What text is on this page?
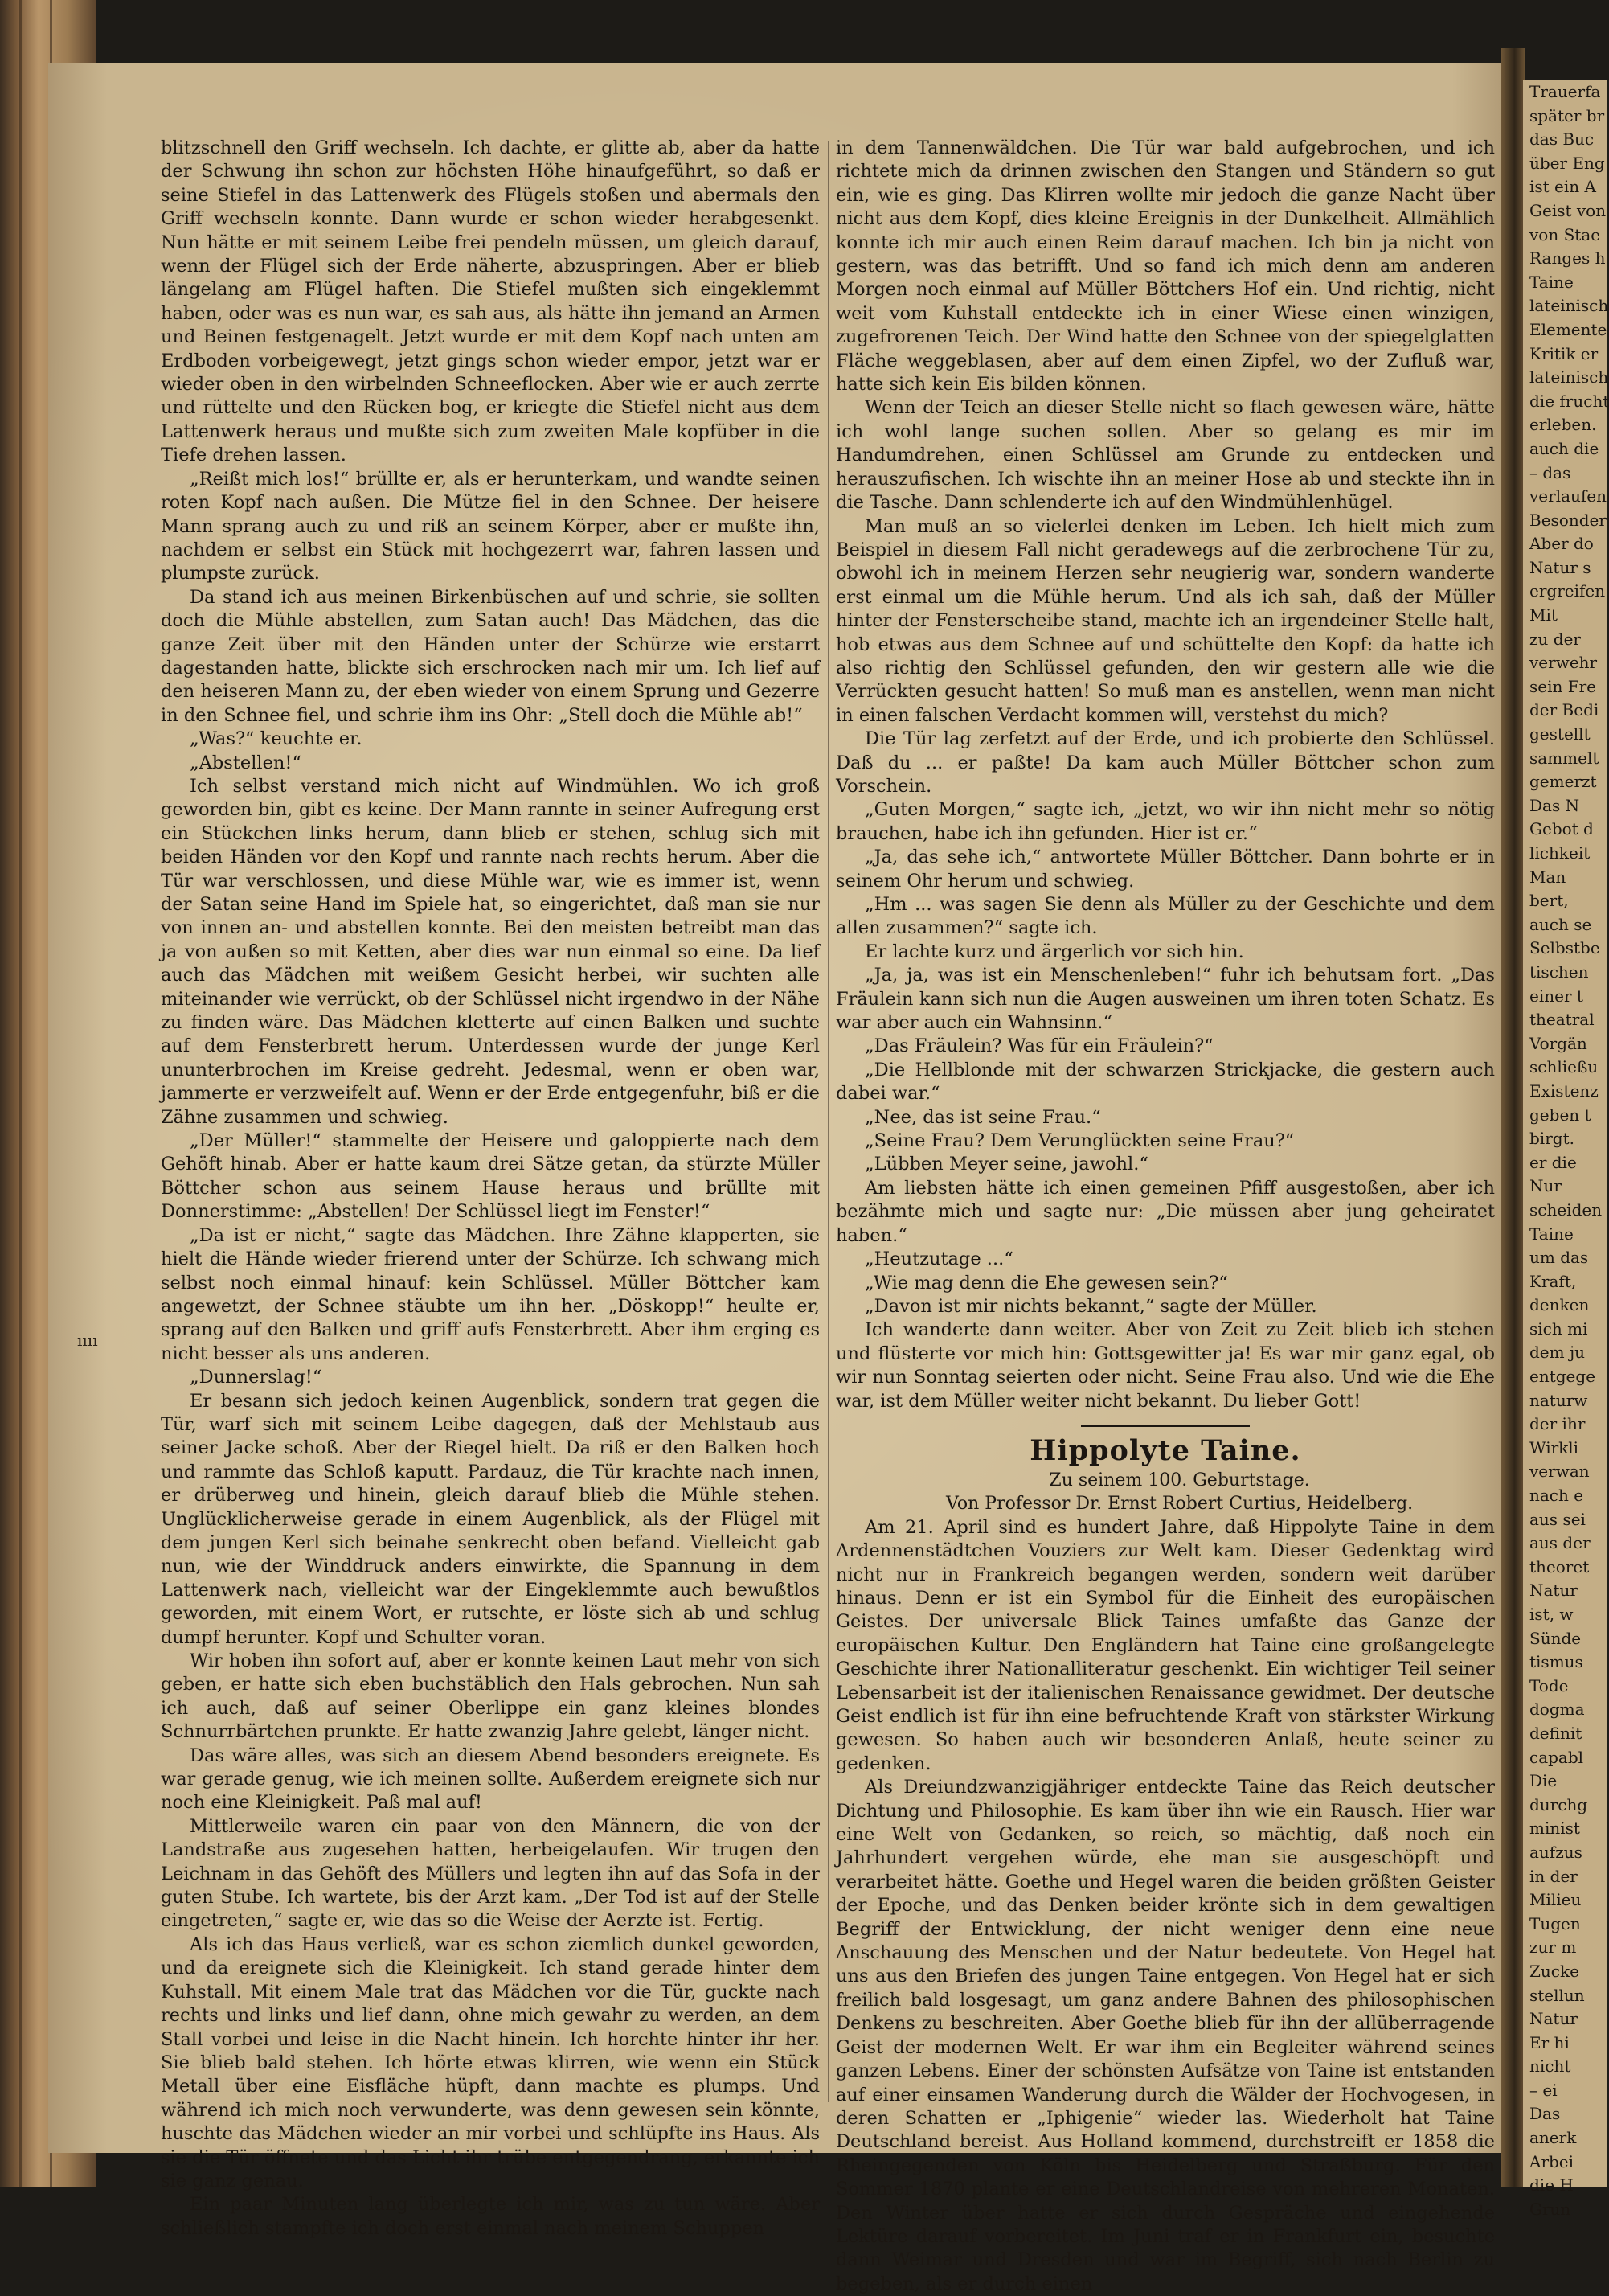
Trauerfa
später br
das Buc
über Eng
ist ein A
Geist von
von Stae
Ranges h
Taine
lateinisch
Elemente
Kritik er
lateinisch
die frucht
erleben.
auch die
– das
verlaufen
Besonder
Aber do
Natur s
ergreifen
Mit
zu der
verwehr
sein Fre
der Bedi
gestellt
sammelt
gemerzt
Das N
Gebot d
lichkeit
Man
bert,
auch se
Selbstbe
tischen
einer t
theatral
Vorgän
schließu
Existenz
geben t
birgt.
er die
Nur
scheiden
Taine
um das
Kraft,
denken
sich mi
dem ju
entgege
naturw
der ihr
Wirkli
verwan
nach e
aus sei
aus der
theoret
Natur
ist, w
Sünde
tismus
Tode
dogma
definit
capabl
Die
durchg
minist
aufzus
in der
Milieu
Tugen
zur m
Zucke
stellun
Natur
Er hi
nicht
– ei
Das
anerk
Arbei
die H
Grun
ıııı

blitzschnell den Griff wechseln. Ich dachte, er glitte ab, aber da hatte der Schwung ihn schon zur höchsten Höhe hinaufgeführt, so daß er seine Stiefel in das Lattenwerk des Flügels stoßen und abermals den Griff wechseln konnte. Dann wurde er schon wieder herabgesenkt. Nun hätte er mit seinem Leibe frei pendeln müssen, um gleich darauf, wenn der Flügel sich der Erde näherte, abzuspringen. Aber er blieb längelang am Flügel haften. Die Stiefel mußten sich eingeklemmt haben, oder was es nun war, es sah aus, als hätte ihn jemand an Armen und Beinen festgenagelt. Jetzt wurde er mit dem Kopf nach unten am Erdboden vorbeigewegt, jetzt gings schon wieder empor, jetzt war er wieder oben in den wirbelnden Schneeflocken. Aber wie er auch zerrte und rüttelte und den Rücken bog, er kriegte die Stiefel nicht aus dem Lattenwerk heraus und mußte sich zum zweiten Male kopfüber in die Tiefe drehen lassen.

„Reißt mich los!“ brüllte er, als er herunterkam, und wandte seinen roten Kopf nach außen. Die Mütze fiel in den Schnee. Der heisere Mann sprang auch zu und riß an seinem Körper, aber er mußte ihn, nachdem er selbst ein Stück mit hochgezerrt war, fahren lassen und plumpste zurück.

Da stand ich aus meinen Birkenbüschen auf und schrie, sie sollten doch die Mühle abstellen, zum Satan auch! Das Mädchen, das die ganze Zeit über mit den Händen unter der Schürze wie erstarrt dagestanden hatte, blickte sich erschrocken nach mir um. Ich lief auf den heiseren Mann zu, der eben wieder von einem Sprung und Gezerre in den Schnee fiel, und schrie ihm ins Ohr: „Stell doch die Mühle ab!“

„Was?“ keuchte er.

„Abstellen!“

Ich selbst verstand mich nicht auf Windmühlen. Wo ich groß geworden bin, gibt es keine. Der Mann rannte in seiner Aufregung erst ein Stückchen links herum, dann blieb er stehen, schlug sich mit beiden Händen vor den Kopf und rannte nach rechts herum. Aber die Tür war verschlossen, und diese Mühle war, wie es immer ist, wenn der Satan seine Hand im Spiele hat, so eingerichtet, daß man sie nur von innen an- und abstellen konnte. Bei den meisten betreibt man das ja von außen so mit Ketten, aber dies war nun einmal so eine. Da lief auch das Mädchen mit weißem Gesicht herbei, wir suchten alle miteinander wie verrückt, ob der Schlüssel nicht irgendwo in der Nähe zu finden wäre. Das Mädchen kletterte auf einen Balken und suchte auf dem Fensterbrett herum. Unterdessen wurde der junge Kerl ununterbrochen im Kreise gedreht. Jedesmal, wenn er oben war, jammerte er verzweifelt auf. Wenn er der Erde entgegenfuhr, biß er die Zähne zusammen und schwieg.

„Der Müller!“ stammelte der Heisere und galoppierte nach dem Gehöft hinab. Aber er hatte kaum drei Sätze getan, da stürzte Müller Böttcher schon aus seinem Hause heraus und brüllte mit Donnerstimme: „Abstellen! Der Schlüssel liegt im Fenster!“

„Da ist er nicht,“ sagte das Mädchen. Ihre Zähne klapperten, sie hielt die Hände wieder frierend unter der Schürze. Ich schwang mich selbst noch einmal hinauf: kein Schlüssel. Müller Böttcher kam angewetzt, der Schnee stäubte um ihn her. „Döskopp!“ heulte er, sprang auf den Balken und griff aufs Fensterbrett. Aber ihm erging es nicht besser als uns anderen.

„Dunnerslag!“

Er besann sich jedoch keinen Augenblick, sondern trat gegen die Tür, warf sich mit seinem Leibe dagegen, daß der Mehlstaub aus seiner Jacke schoß. Aber der Riegel hielt. Da riß er den Balken hoch und rammte das Schloß kaputt. Pardauz, die Tür krachte nach innen, er drüberweg und hinein, gleich darauf blieb die Mühle stehen. Unglücklicherweise gerade in einem Augenblick, als der Flügel mit dem jungen Kerl sich beinahe senkrecht oben befand. Vielleicht gab nun, wie der Winddruck anders einwirkte, die Spannung in dem Lattenwerk nach, vielleicht war der Eingeklemmte auch bewußtlos geworden, mit einem Wort, er rutschte, er löste sich ab und schlug dumpf herunter. Kopf und Schulter voran.

Wir hoben ihn sofort auf, aber er konnte keinen Laut mehr von sich geben, er hatte sich eben buchstäblich den Hals gebrochen. Nun sah ich auch, daß auf seiner Oberlippe ein ganz kleines blondes Schnurrbärtchen prunkte. Er hatte zwanzig Jahre gelebt, länger nicht.

Das wäre alles, was sich an diesem Abend besonders ereignete. Es war gerade genug, wie ich meinen sollte. Außerdem ereignete sich nur noch eine Kleinigkeit. Paß mal auf!

Mittlerweile waren ein paar von den Männern, die von der Landstraße aus zugesehen hatten, herbeigelaufen. Wir trugen den Leichnam in das Gehöft des Müllers und legten ihn auf das Sofa in der guten Stube. Ich wartete, bis der Arzt kam. „Der Tod ist auf der Stelle eingetreten,“ sagte er, wie das so die Weise der Aerzte ist. Fertig.

Als ich das Haus verließ, war es schon ziemlich dunkel geworden, und da ereignete sich die Kleinigkeit. Ich stand gerade hinter dem Kuhstall. Mit einem Male trat das Mädchen vor die Tür, guckte nach rechts und links und lief dann, ohne mich gewahr zu werden, an dem Stall vorbei und leise in die Nacht hinein. Ich horchte hinter ihr her. Sie blieb bald stehen. Ich hörte etwas klirren, wie wenn ein Stück Metall über eine Eisfläche hüpft, dann machte es plumps. Und während ich mich noch verwunderte, was denn gewesen sein könnte, huschte das Mädchen wieder an mir vorbei und schlüpfte ins Haus. Als sie die Tür öffnete und das Licht ihr trübe entgegendrang, erkannte ich sie ganz genau.

Ein paar Minuten lang überlegte ich mir, was zu tun wäre. Aber schließlich stampfte ich doch erst einmal nach meinem Schuppen

in dem Tannenwäldchen. Die Tür war bald aufgebrochen, und ich richtete mich da drinnen zwischen den Stangen und Ständern so gut ein, wie es ging. Das Klirren wollte mir jedoch die ganze Nacht über nicht aus dem Kopf, dies kleine Ereignis in der Dunkelheit. Allmählich konnte ich mir auch einen Reim darauf machen. Ich bin ja nicht von gestern, was das betrifft. Und so fand ich mich denn am anderen Morgen noch einmal auf Müller Böttchers Hof ein. Und richtig, nicht weit vom Kuhstall entdeckte ich in einer Wiese einen winzigen, zugefrorenen Teich. Der Wind hatte den Schnee von der spiegelglatten Fläche weggeblasen, aber auf dem einen Zipfel, wo der Zufluß war, hatte sich kein Eis bilden können.

Wenn der Teich an dieser Stelle nicht so flach gewesen wäre, hätte ich wohl lange suchen sollen. Aber so gelang es mir im Handumdrehen, einen Schlüssel am Grunde zu entdecken und herauszufischen. Ich wischte ihn an meiner Hose ab und steckte ihn in die Tasche. Dann schlenderte ich auf den Windmühlenhügel.

Man muß an so vielerlei denken im Leben. Ich hielt mich zum Beispiel in diesem Fall nicht geradewegs auf die zerbrochene Tür zu, obwohl ich in meinem Herzen sehr neugierig war, sondern wanderte erst einmal um die Mühle herum. Und als ich sah, daß der Müller hinter der Fensterscheibe stand, machte ich an irgendeiner Stelle halt, hob etwas aus dem Schnee auf und schüttelte den Kopf: da hatte ich also richtig den Schlüssel gefunden, den wir gestern alle wie die Verrückten gesucht hatten! So muß man es anstellen, wenn man nicht in einen falschen Verdacht kommen will, verstehst du mich?

Die Tür lag zerfetzt auf der Erde, und ich probierte den Schlüssel. Daß du ... er paßte! Da kam auch Müller Böttcher schon zum Vorschein.

„Guten Morgen,“ sagte ich, „jetzt, wo wir ihn nicht mehr so nötig brauchen, habe ich ihn gefunden. Hier ist er.“

„Ja, das sehe ich,“ antwortete Müller Böttcher. Dann bohrte er in seinem Ohr herum und schwieg.

„Hm ... was sagen Sie denn als Müller zu der Geschichte und dem allen zusammen?“ sagte ich.

Er lachte kurz und ärgerlich vor sich hin.

„Ja, ja, was ist ein Menschenleben!“ fuhr ich behutsam fort. „Das Fräulein kann sich nun die Augen ausweinen um ihren toten Schatz. Es war aber auch ein Wahnsinn.“

„Das Fräulein? Was für ein Fräulein?“

„Die Hellblonde mit der schwarzen Strickjacke, die gestern auch dabei war.“

„Nee, das ist seine Frau.“

„Seine Frau? Dem Verunglückten seine Frau?“

„Lübben Meyer seine, jawohl.“

Am liebsten hätte ich einen gemeinen Pfiff ausgestoßen, aber ich bezähmte mich und sagte nur: „Die müssen aber jung geheiratet haben.“

„Heutzutage ...“

„Wie mag denn die Ehe gewesen sein?“

„Davon ist mir nichts bekannt,“ sagte der Müller.

Ich wanderte dann weiter. Aber von Zeit zu Zeit blieb ich stehen und flüsterte vor mich hin: Gottsgewitter ja! Es war mir ganz egal, ob wir nun Sonntag seierten oder nicht. Seine Frau also. Und wie die Ehe war, ist dem Müller weiter nicht bekannt. Du lieber Gott!

Hippolyte Taine.

Zu seinem 100. Geburtstage.

Von Professor Dr. Ernst Robert Curtius, Heidelberg.

Am 21. April sind es hundert Jahre, daß Hippolyte Taine in dem Ardennenstädtchen Vouziers zur Welt kam. Dieser Gedenktag wird nicht nur in Frankreich begangen werden, sondern weit darüber hinaus. Denn er ist ein Symbol für die Einheit des europäischen Geistes. Der universale Blick Taines umfaßte das Ganze der europäischen Kultur. Den Engländern hat Taine eine großangelegte Geschichte ihrer Nationalliteratur geschenkt. Ein wichtiger Teil seiner Lebensarbeit ist der italienischen Renaissance gewidmet. Der deutsche Geist endlich ist für ihn eine befruchtende Kraft von stärkster Wirkung gewesen. So haben auch wir besonderen Anlaß, heute seiner zu gedenken.

Als Dreiundzwanzigjähriger entdeckte Taine das Reich deutscher Dichtung und Philosophie. Es kam über ihn wie ein Rausch. Hier war eine Welt von Gedanken, so reich, so mächtig, daß noch ein Jahrhundert vergehen würde, ehe man sie ausgeschöpft und verarbeitet hätte. Goethe und Hegel waren die beiden größten Geister der Epoche, und das Denken beider krönte sich in dem gewaltigen Begriff der Entwicklung, der nicht weniger denn eine neue Anschauung des Menschen und der Natur bedeutete. Von Hegel hat uns aus den Briefen des jungen Taine entgegen. Von Hegel hat er sich freilich bald losgesagt, um ganz andere Bahnen des philosophischen Denkens zu beschreiten. Aber Goethe blieb für ihn der allüberragende Geist der modernen Welt. Er war ihm ein Begleiter während seines ganzen Lebens. Einer der schönsten Aufsätze von Taine ist entstanden auf einer einsamen Wanderung durch die Wälder der Hochvogesen, in deren Schatten er „Iphigenie“ wieder las. Wiederholt hat Taine Deutschland bereist. Aus Holland kommend, durchstreift er 1858 die Rheingegenden von Köln bis Heidelberg und Straßburg. Für den Sommer 1870 plante er eine Deutschlandreise von mehreren Monaten. Den Winter über hatte er sich durch Gespräche und eingehende Lektüre darauf vorbereitet. Im Juni traf er in Frankfurt ein, besuchte dann Weimar und Dresden und war im Begriff, sich nach Berlin zu begeben, als er durch einen
